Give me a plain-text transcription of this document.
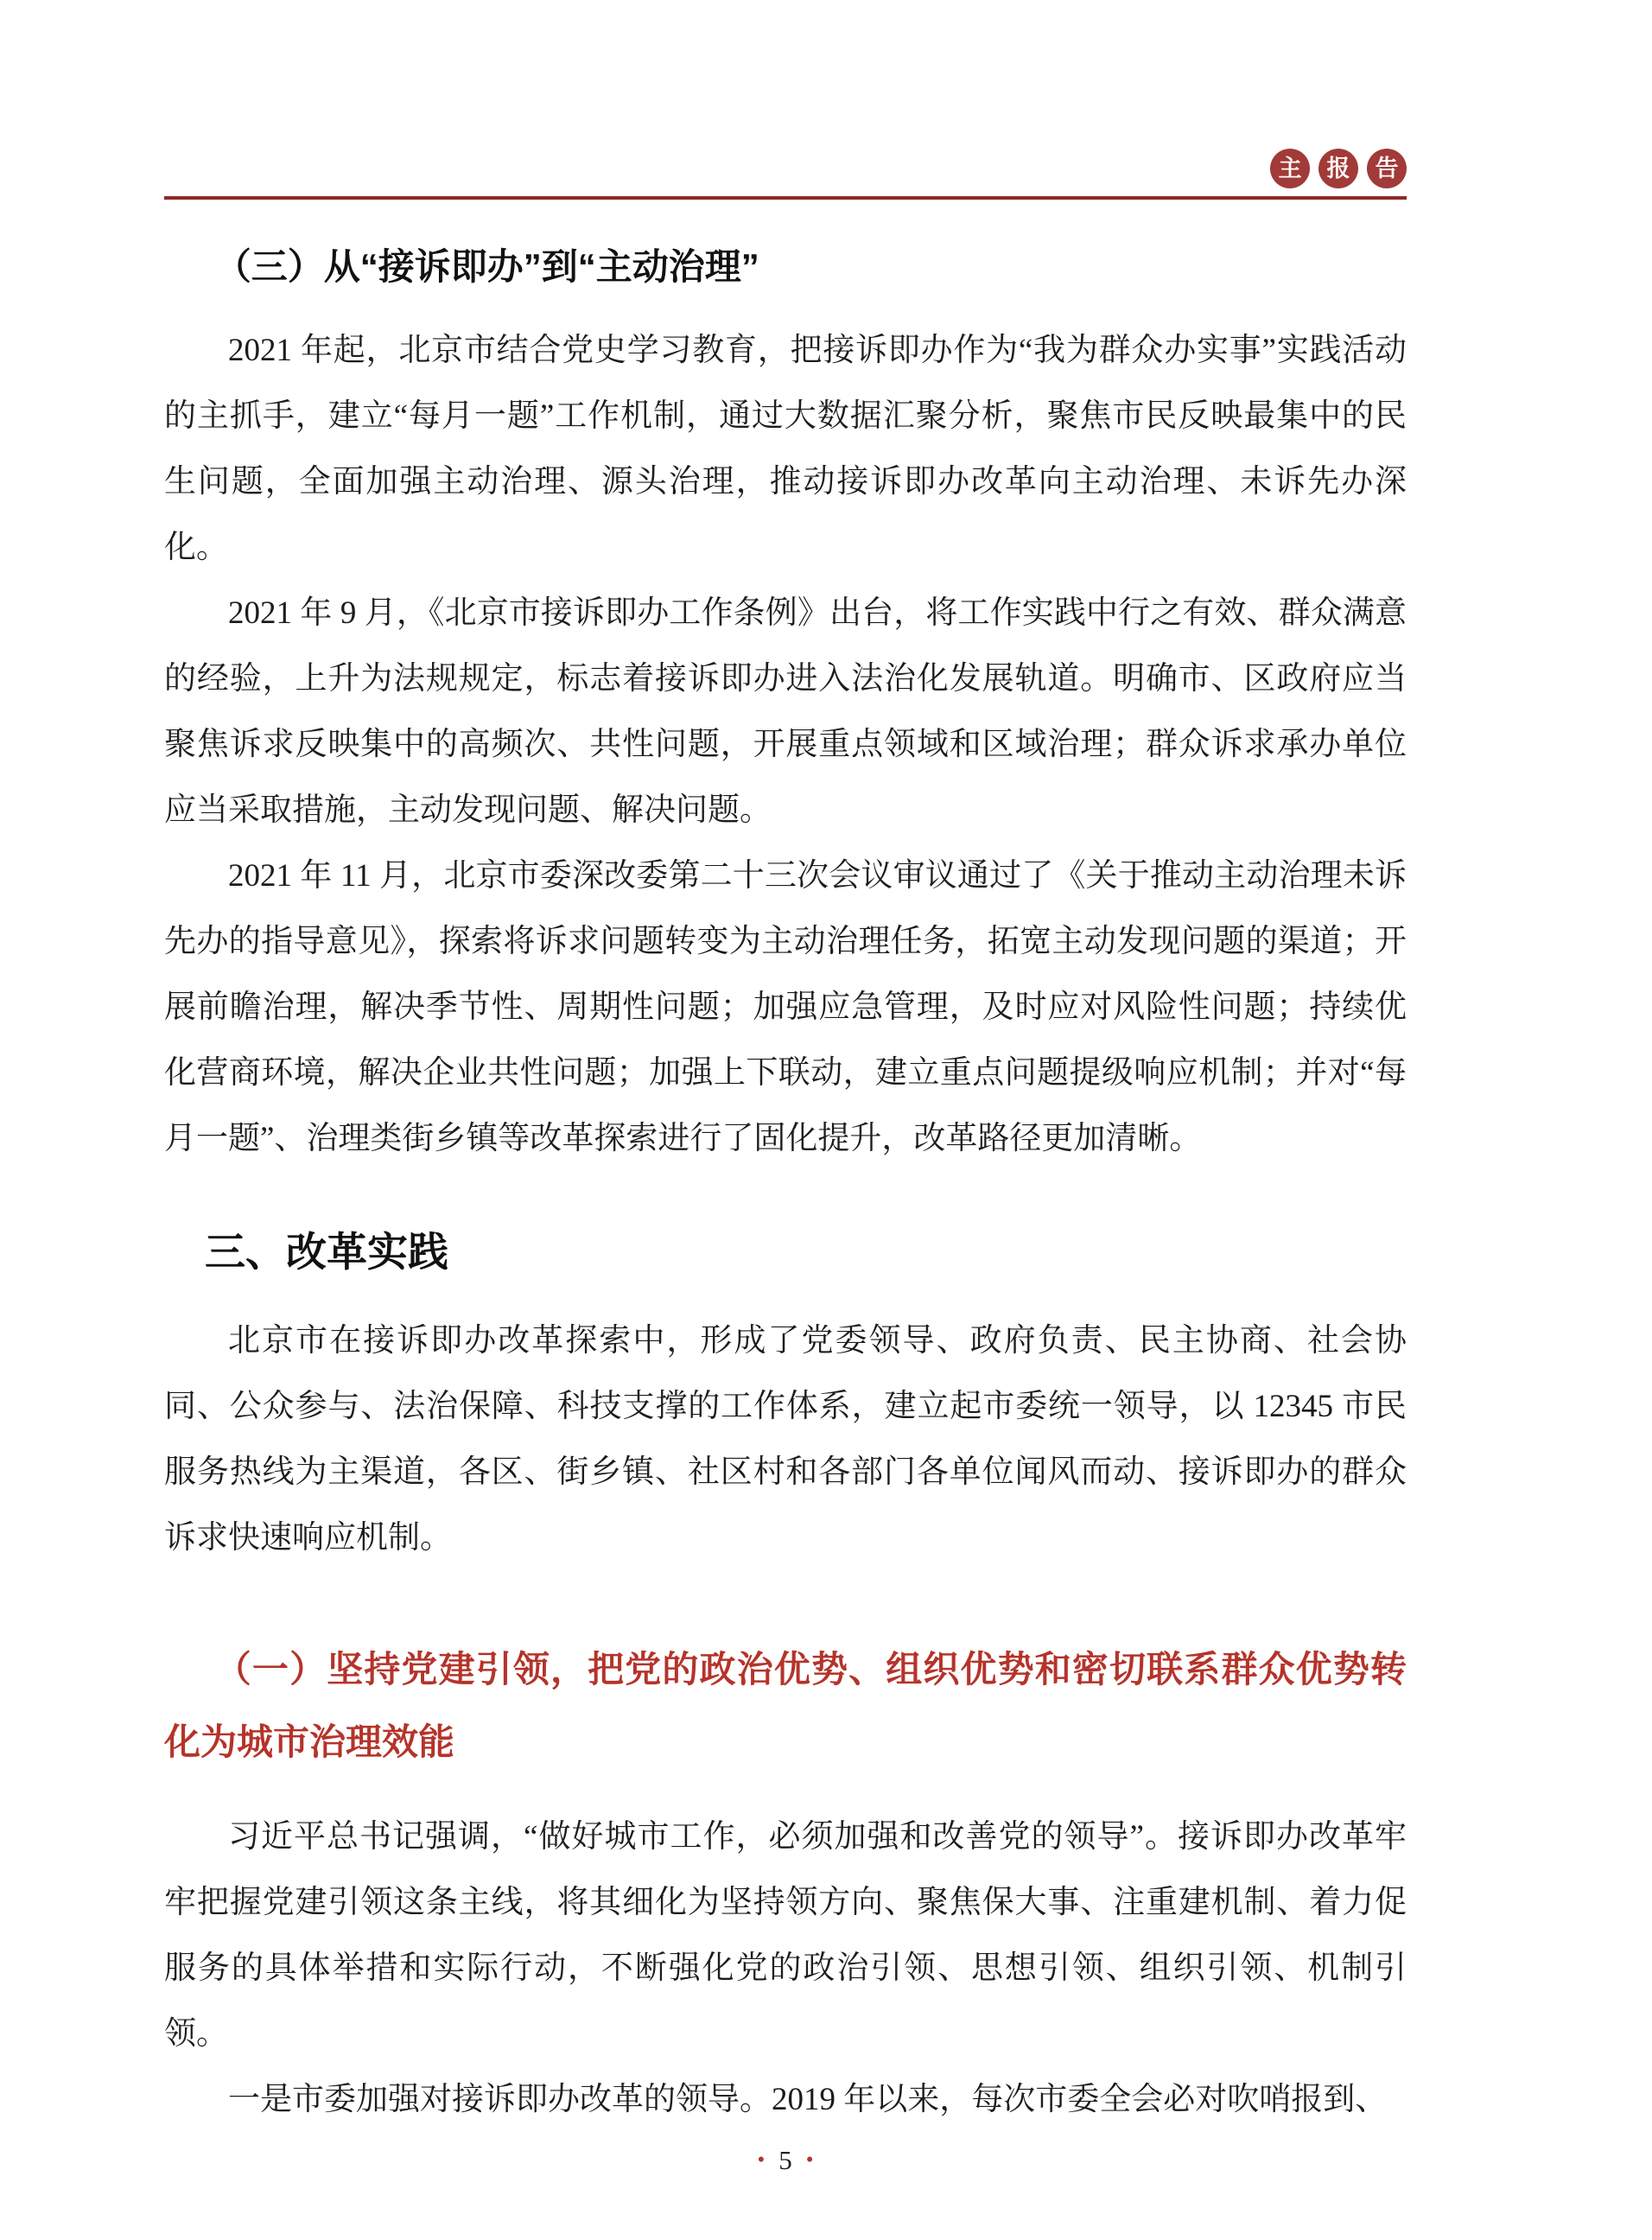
主	报	告
（三）从“接诉即办”到“主动治理”

2021 年起，北京市结合党史学习教育，把接诉即办作为“我为群众办实事”实践活动的主抓手，建立“每月一题”工作机制，通过大数据汇聚分析，聚焦市民反映最集中的民生问题，全面加强主动治理、源头治理，推动接诉即办改革向主动治理、未诉先办深化。

2021 年 9 月，《北京市接诉即办工作条例》出台，将工作实践中行之有效、群众满意的经验，上升为法规规定，标志着接诉即办进入法治化发展轨道。明确市、区政府应当聚焦诉求反映集中的高频次、共性问题，开展重点领域和区域治理；群众诉求承办单位应当采取措施，主动发现问题、解决问题。

2021 年 11 月，北京市委深改委第二十三次会议审议通过了《关于推动主动治理未诉先办的指导意见》，探索将诉求问题转变为主动治理任务，拓宽主动发现问题的渠道；开展前瞻治理，解决季节性、周期性问题；加强应急管理，及时应对风险性问题；持续优化营商环境，解决企业共性问题；加强上下联动，建立重点问题提级响应机制；并对“每月一题”、治理类街乡镇等改革探索进行了固化提升，改革路径更加清晰。

三、改革实践

北京市在接诉即办改革探索中，形成了党委领导、政府负责、民主协商、社会协同、公众参与、法治保障、科技支撑的工作体系，建立起市委统一领导，以 12345 市民服务热线为主渠道，各区、街乡镇、社区村和各部门各单位闻风而动、接诉即办的群众诉求快速响应机制。

（一）坚持党建引领，把党的政治优势、组织优势和密切联系群众优势转化为城市治理效能

习近平总书记强调，“做好城市工作，必须加强和改善党的领导”。接诉即办改革牢牢把握党建引领这条主线，将其细化为坚持领方向、聚焦保大事、注重建机制、着力促服务的具体举措和实际行动，不断强化党的政治引领、思想引领、组织引领、机制引领。

一是市委加强对接诉即办改革的领导。2019 年以来，每次市委全会必对吹哨报到、

• 5 •
